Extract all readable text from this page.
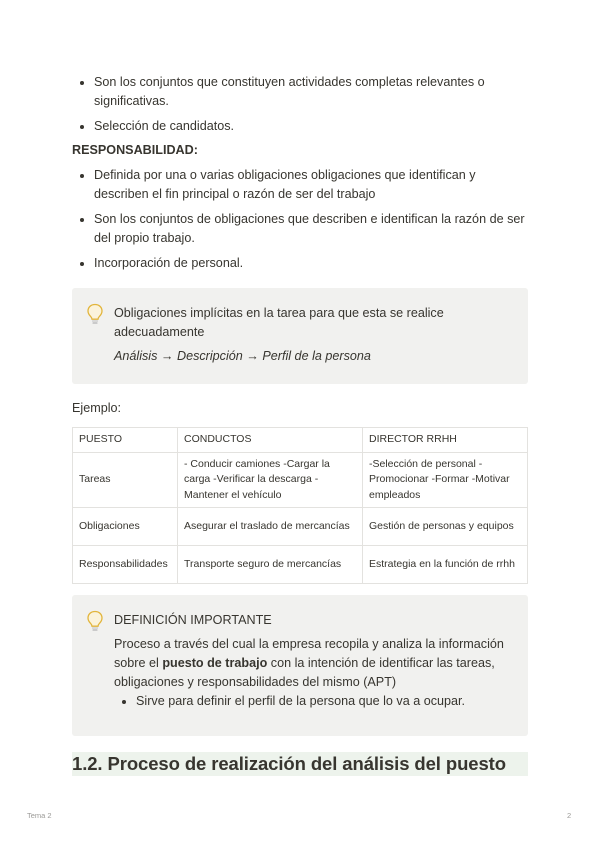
Son los conjuntos que constituyen actividades completas relevantes o significativas.
Selección de candidatos.
RESPONSABILIDAD:
Definida por una o varias obligaciones obligaciones que identifican y describen el fin principal o razón de ser del trabajo
Son los conjuntos de obligaciones que describen e identifican la razón de ser del propio trabajo.
Incorporación de personal.

Obligaciones implícitas en la tarea para que esta se realice adecuadamente

Análisis → Descripción → Perfil de la persona

Ejemplo:

PUESTO	CONDUCTOS	DIRECTOR RRHH
Tareas	- Conducir camiones -Cargar la carga -Verificar la descarga -Mantener el vehículo	-Selección de personal -Promocionar -Formar -Motivar empleados
Obligaciones	Asegurar el traslado de mercancías	Gestión de personas y equipos
Responsabilidades	Transporte seguro de mercancías	Estrategia en la función de rrhh

DEFINICIÓN IMPORTANTE

Proceso a través del cual la empresa recopila y analiza la información sobre el puesto de trabajo con la intención de identificar las tareas, obligaciones y responsabilidades del mismo (APT)

Sirve para definir el perfil de la persona que lo va a ocupar.
1.2. Proceso de realización del análisis del puesto
Tema 2	2
